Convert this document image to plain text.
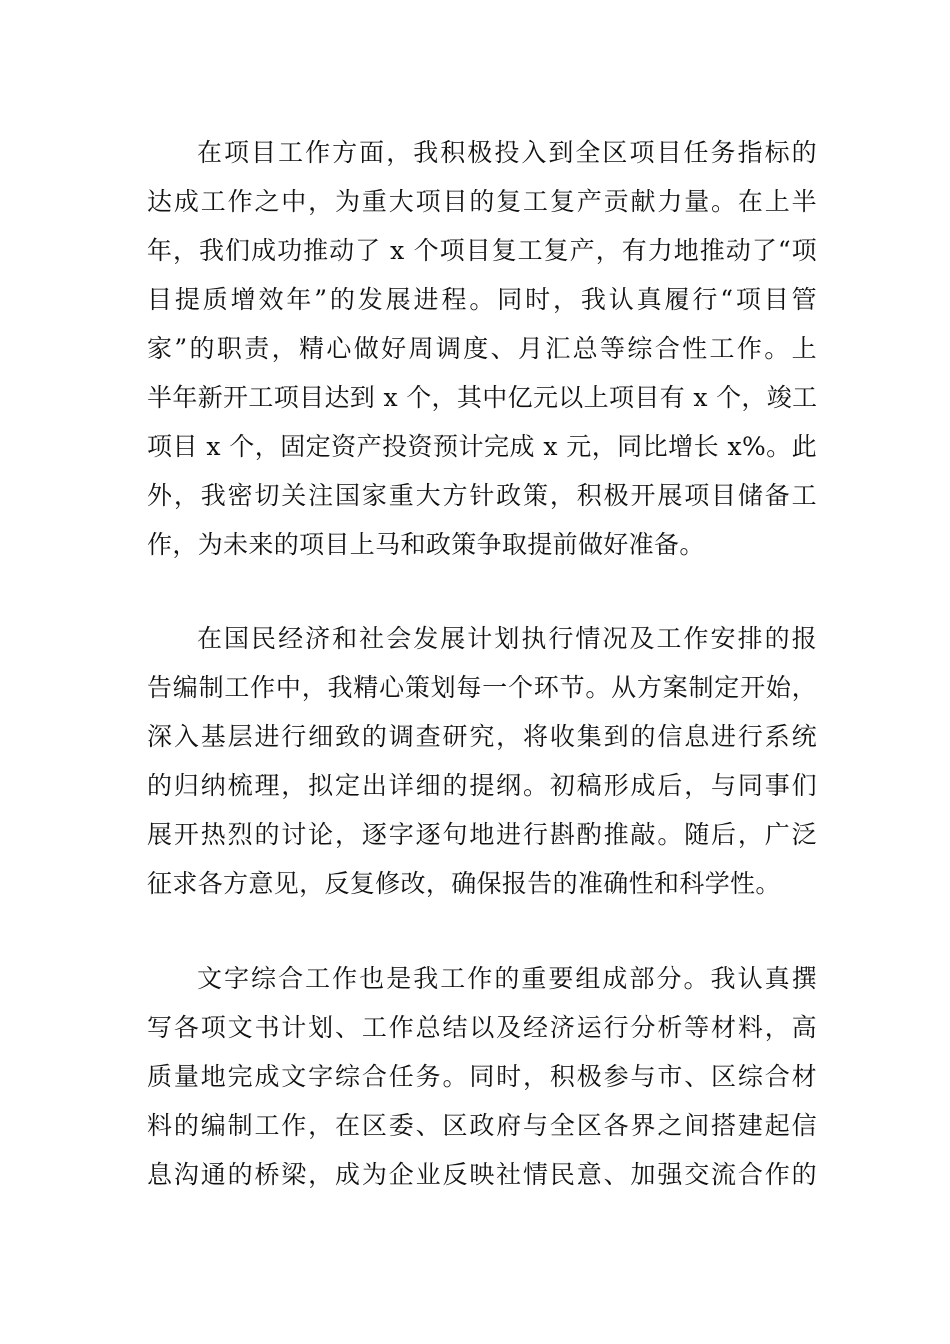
在项目工作方面，我积极投入到全区项目任务指标的
达成工作之中，为重大项目的复工复产贡献力量。在上半
年，我们成功推动了 x 个项目复工复产，有力地推动了“项
目提质增效年”的发展进程。同时，我认真履行“项目管
家”的职责，精心做好周调度、月汇总等综合性工作。上
半年新开工项目达到 x 个，其中亿元以上项目有 x 个，竣工
项目 x 个，固定资产投资预计完成 x 元，同比增长 x%。此
外，我密切关注国家重大方针政策，积极开展项目储备工
作，为未来的项目上马和政策争取提前做好准备。
在国民经济和社会发展计划执行情况及工作安排的报
告编制工作中，我精心策划每一个环节。从方案制定开始，
深入基层进行细致的调查研究，将收集到的信息进行系统
的归纳梳理，拟定出详细的提纲。初稿形成后，与同事们
展开热烈的讨论，逐字逐句地进行斟酌推敲。随后，广泛
征求各方意见，反复修改，确保报告的准确性和科学性。
文字综合工作也是我工作的重要组成部分。我认真撰
写各项文书计划、工作总结以及经济运行分析等材料，高
质量地完成文字综合任务。同时，积极参与市、区综合材
料的编制工作，在区委、区政府与全区各界之间搭建起信
息沟通的桥梁，成为企业反映社情民意、加强交流合作的
